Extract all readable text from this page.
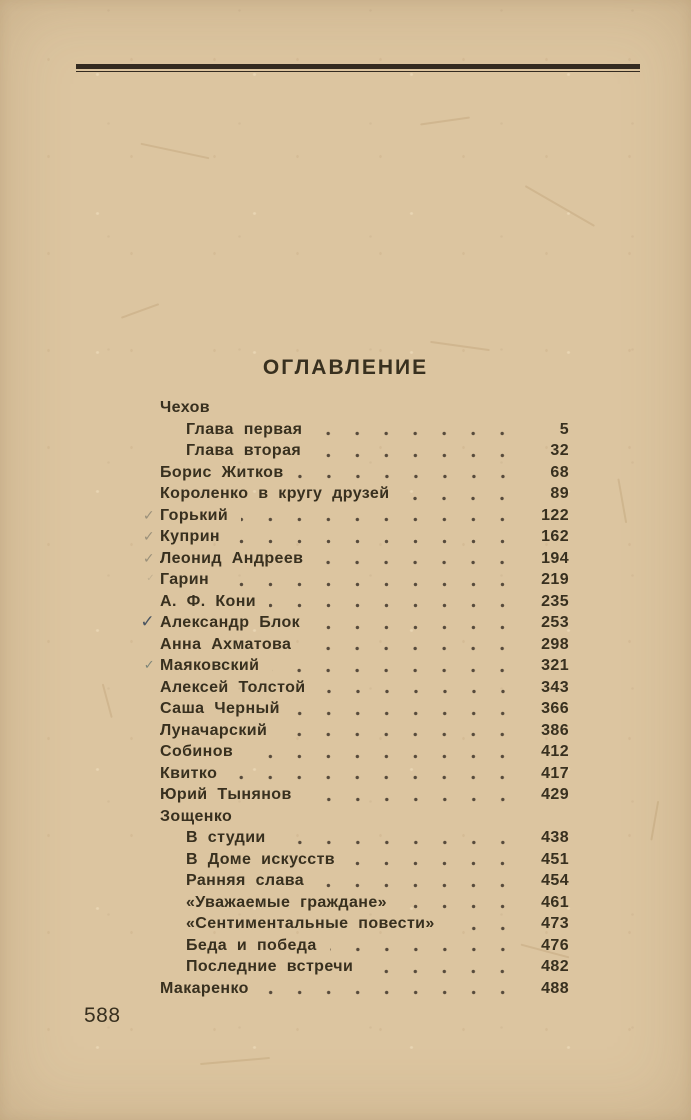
ОГЛАВЛЕНИЕ
Чехов
Глава первая	5
Глава вторая	32
Борис Житков	68
Короленко в кругу друзей	89
✓ Горький	122
✓ Куприн	162
✓ Леонид Андреев	194
✓ Гарин	219
А. Ф. Кони	235
✓ Александр Блок	253
Анна Ахматова	298
✓ Маяковский	321
Алексей Толстой	343
Саша Черный	366
Луначарский	386
Собинов	412
Квитко	417
Юрий Тынянов	429
Зощенко
В студии	438
В Доме искусств	451
Ранняя слава	454
«Уважаемые граждане»	461
«Сентиментальные повести»	473
Беда и победа	476
Последние встречи	482
Макаренко	488
588
